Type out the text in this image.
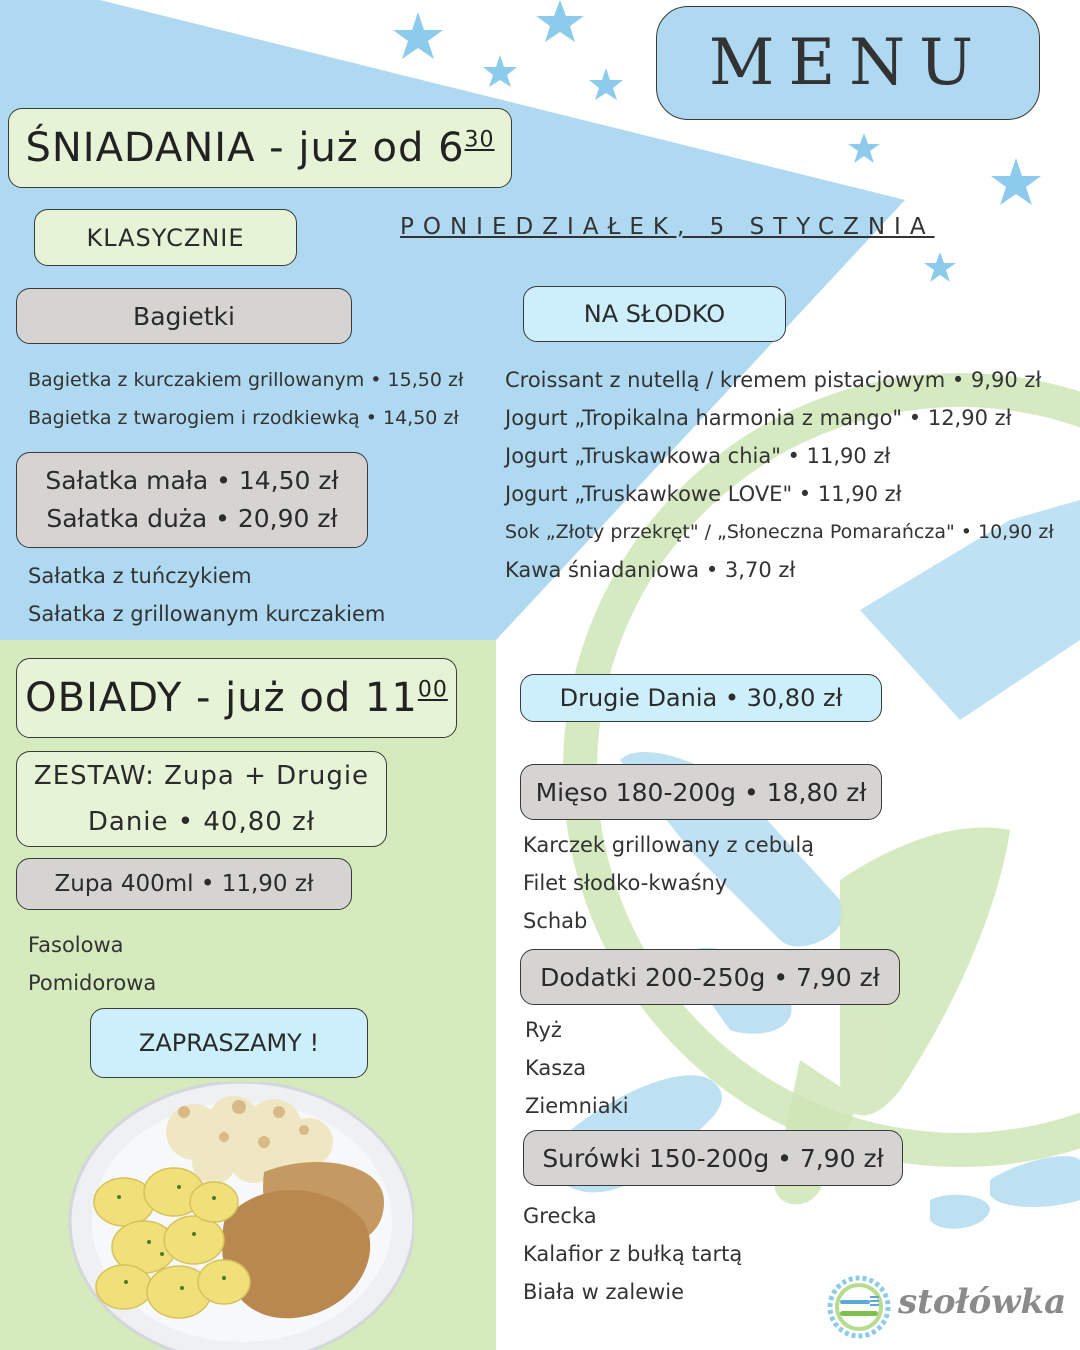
MENU
PONIEDZIAŁEK, 5 STYCZNIA
ŚNIADANIA - już od $6^{30}$
KLASYCZNIE
Bagietki
Bagietka z kurczakiem grillowanym • 15,50 zł
Bagietka z twarogiem i rzodkiewką • 14,50 zł
Sałatka mała • 14,50 zł
Sałatka duża • 20,90 zł
Sałatka z tuńczykiem
Sałatka z grillowanym kurczakiem
NA SŁODKO
Croissant z nutellą / kremem pistacjowym • 9,90 zł
Jogurt „Tropikalna harmonia z mango" • 12,90 zł
Jogurt „Truskawkowa chia" • 11,90 zł
Jogurt „Truskawkowe LOVE" • 11,90 zł
Sok „Złoty przekręt" / „Słoneczna Pomarańcza" • 10,90 zł
Kawa śniadaniowa • 3,70 zł
OBIADY - już od $11^{00}$
ZESTAW: Zupa + Drugie
Danie • 40,80 zł
Zupa 400ml • 11,90 zł
Fasolowa
Pomidorowa
ZAPRASZAMY !
Drugie Dania • 30,80 zł
Mięso 180-200g • 18,80 zł
Karczek grillowany z cebulą
Filet słodko-kwaśny
Schab
Dodatki 200-250g • 7,90 zł
Ryż
Kasza
Ziemniaki
Surówki 150-200g • 7,90 zł
Grecka
Kalafior z bułką tartą
Biała w zalewie	stołówka
